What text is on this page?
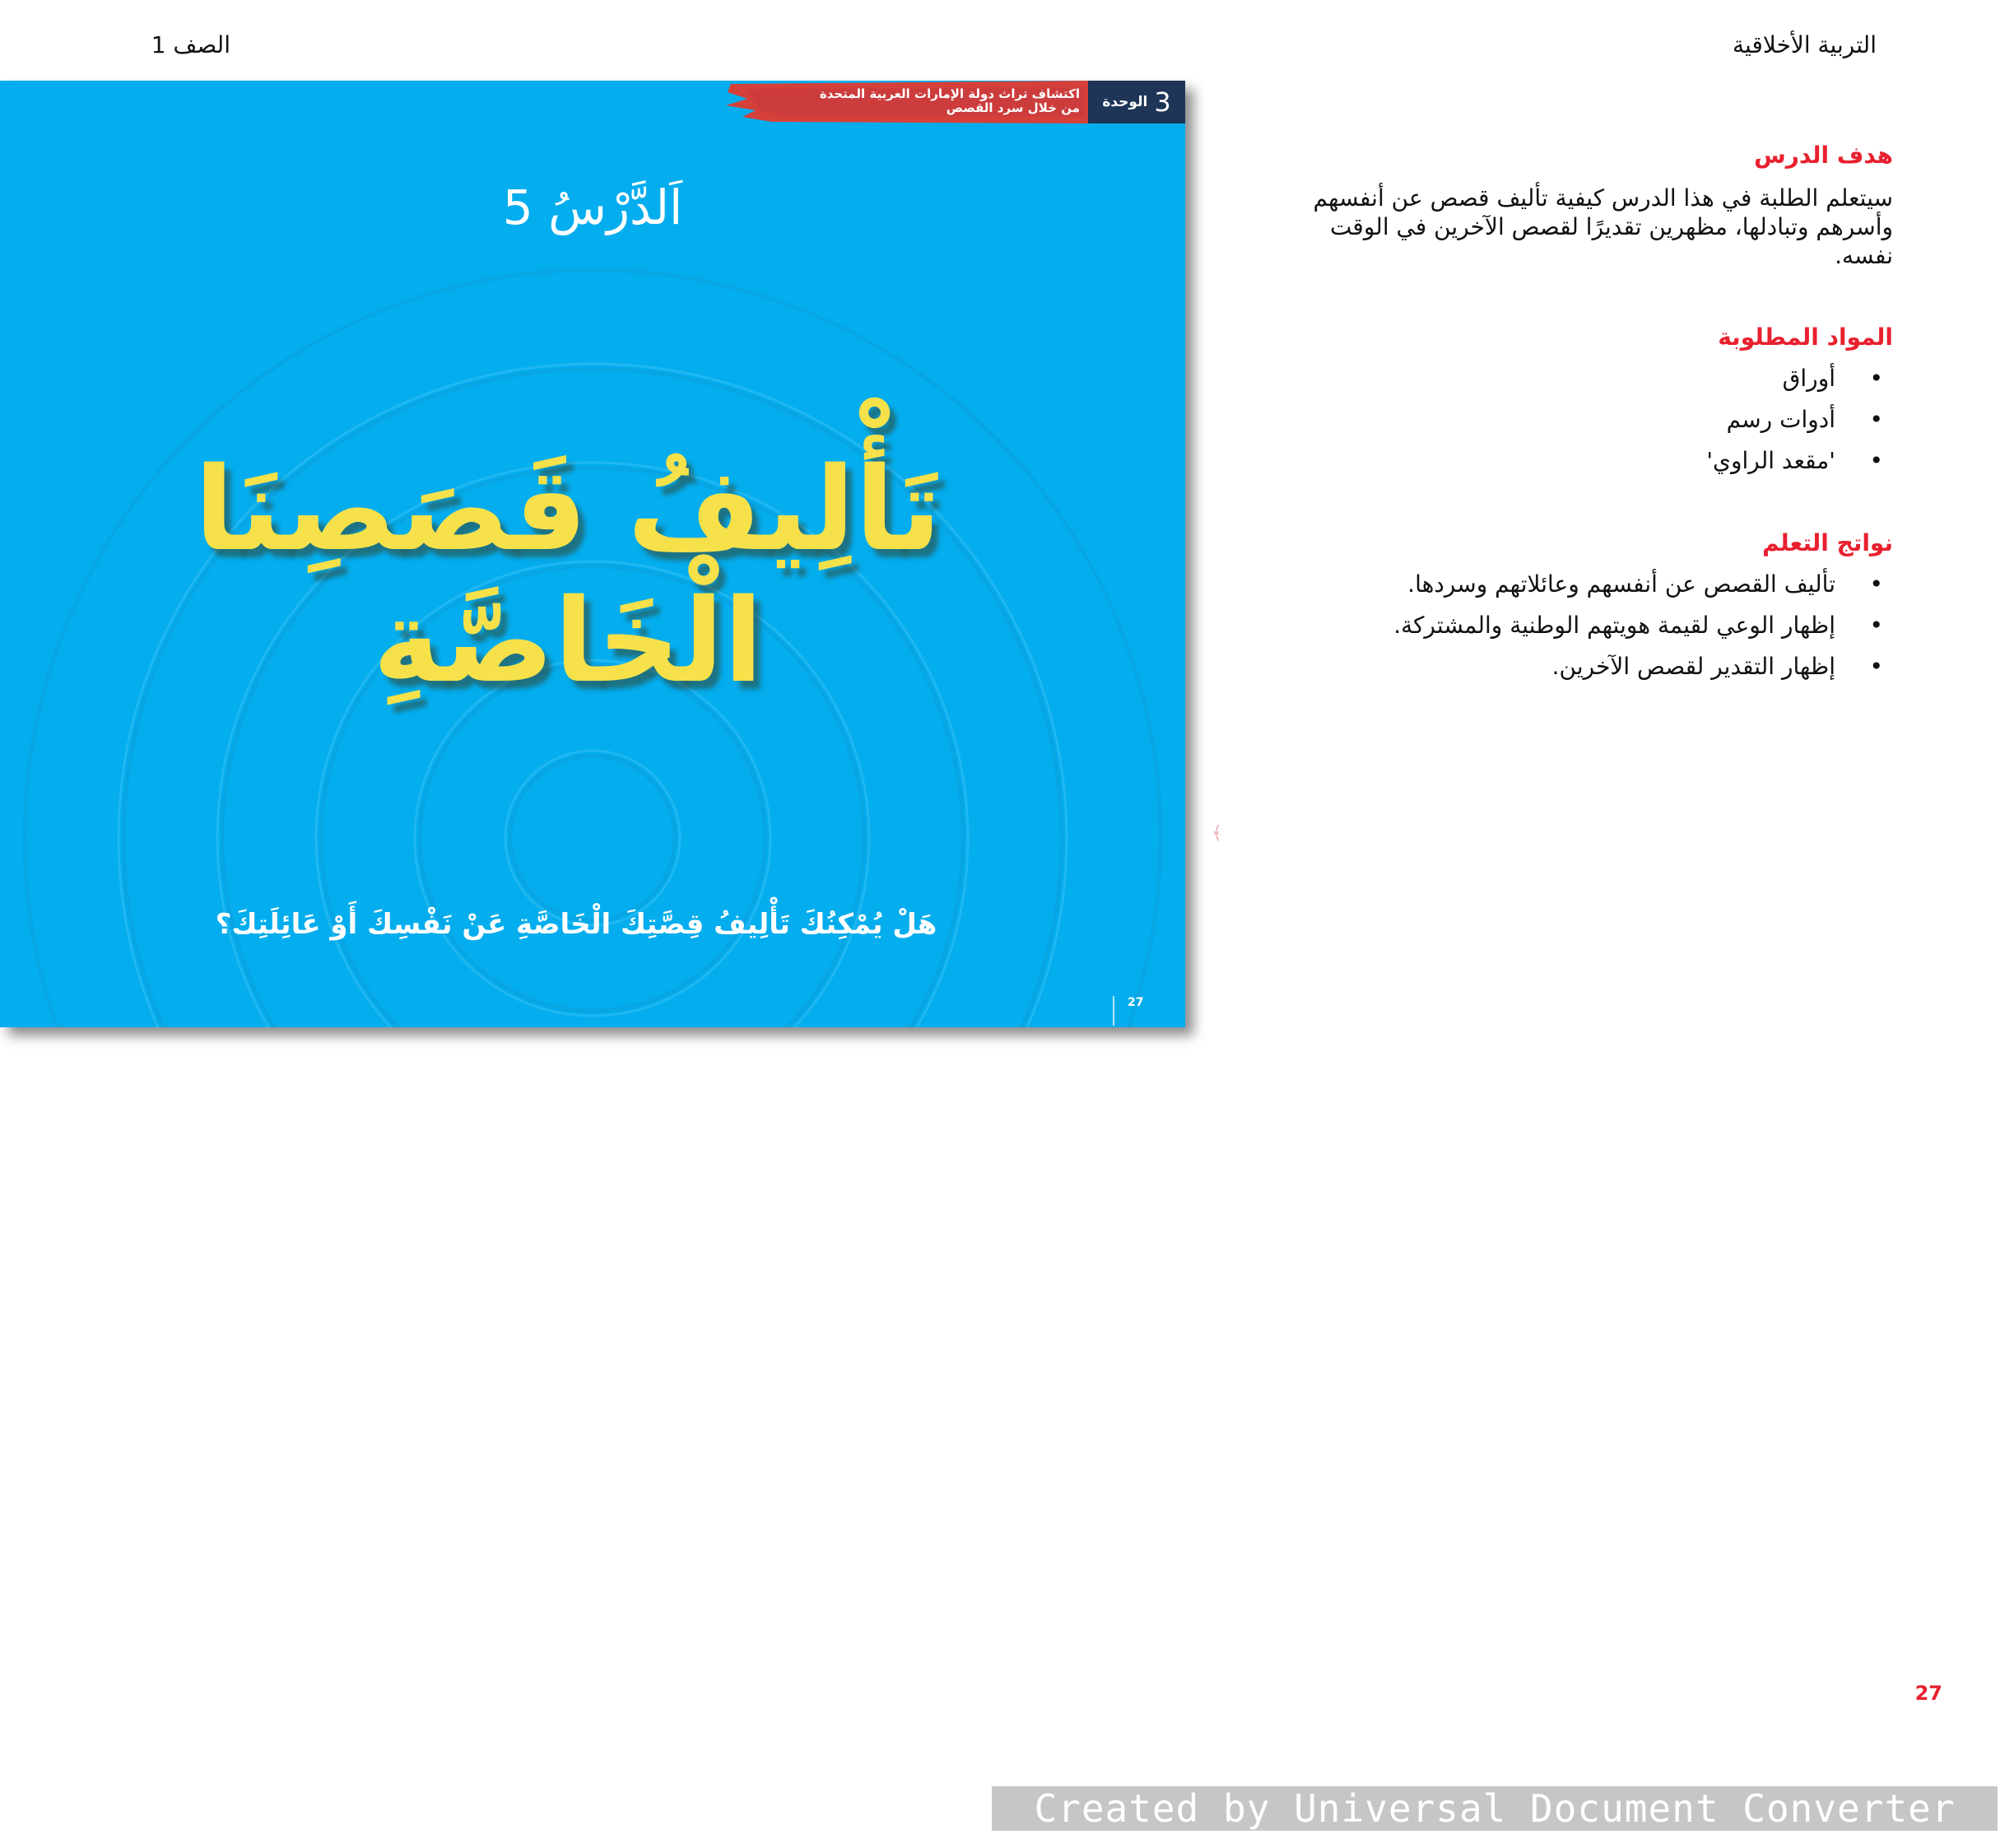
التربية الأخلاقية
الصف 1
الوحدة 3
اكتشاف تراث دولة الإمارات العربية المتحدة
من خلال سرد القصص
اَلدَّرْسُ 5
تَأْلِيفُ قَصَصِنَا
الْخَاصَّةِ
هَلْ يُمْكِنُكَ تَأْلِيفُ قِصَّتِكَ الْخَاصَّةِ عَنْ نَفْسِكَ أَوْ عَائِلَتِكَ؟
27
﴾
هدف الدرس
سيتعلم الطلبة في هذا الدرس كيفية تأليف قصص عن أنفسهم وأسرهم وتبادلها، مظهرين تقديرًا لقصص الآخرين في الوقت نفسه.
المواد المطلوبة
•
أوراق
•
أدوات رسم
•
'مقعد الراوي'
نواتج التعلم
•
تأليف القصص عن أنفسهم وعائلاتهم وسردها.
•
إظهار الوعي لقيمة هويتهم الوطنية والمشتركة.
•
إظهار التقدير لقصص الآخرين.
27
Created by Universal Document Converter
